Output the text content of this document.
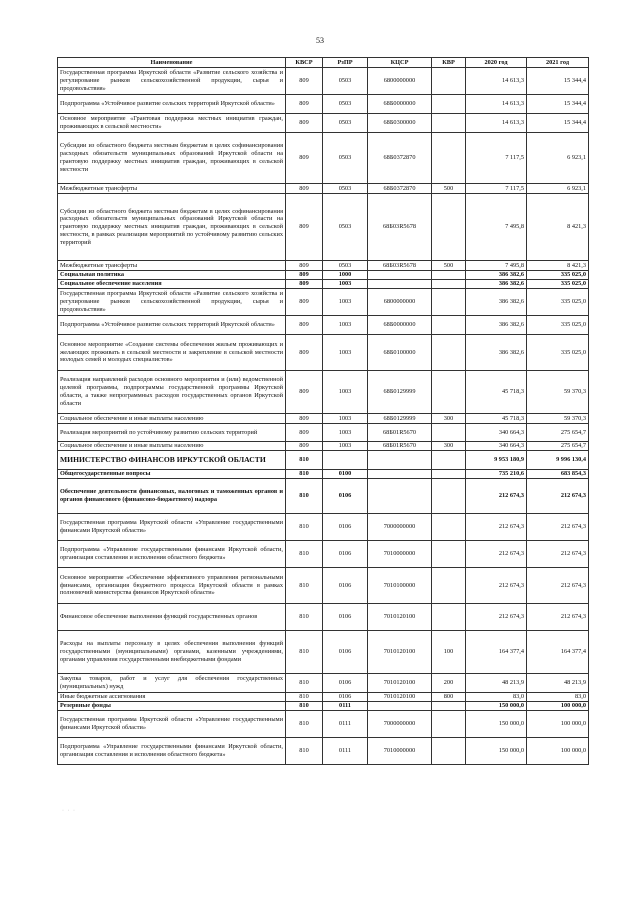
53
Наименование	КВСР	РзПР	КЦСР	КВР	2020 год	2021 год
Государственная программа Иркутской области «Развитие сельского хозяйства и регулирование рынков сельскохозяйственной продукции, сырья и продовольствия»	809	0503	6800000000		14 613,3	15 344,4
Подпрограмма «Устойчивое развитие сельских территорий Иркутской области»	809	0503	68Б0000000		14 613,3	15 344,4
Основное мероприятие «Грантовая поддержка местных инициатив граждан, проживающих в сельской местности»	809	0503	68Б0300000		14 613,3	15 344,4
Субсидии из областного бюджета местным бюджетам в целях софинансирования расходных обязательств муниципальных образований Иркутской области на грантовую поддержку местных инициатив граждан, проживающих в сельской местности	809	0503	68Б0372870		7 117,5	6 923,1
Межбюджетные трансферты	809	0503	68Б0372870	500	7 117,5	6 923,1
Субсидии из областного бюджета местным бюджетам в целях софинансирования расходных обязательств муниципальных образований Иркутской области на грантовую поддержку местных инициатив граждан, проживающих в сельской местности, в рамках реализации мероприятий по устойчивому развитию сельских территорий	809	0503	68Б03R5678		7 495,8	8 421,3
Межбюджетные трансферты	809	0503	68Б03R5678	500	7 495,8	8 421,3
Социальная политика	809	1000			386 382,6	335 025,0
Социальное обеспечение населения	809	1003			386 382,6	335 025,0
Государственная программа Иркутской области «Развитие сельского хозяйства и регулирование рынков сельскохозяйственной продукции, сырья и продовольствия»	809	1003	6800000000		386 382,6	335 025,0
Подпрограмма «Устойчивое развитие сельских территорий Иркутской области»	809	1003	68Б0000000		386 382,6	335 025,0
Основное мероприятие «Создание системы обеспечения жильем проживающих и желающих проживать в сельской местности и закрепление в сельской местности молодых семей и молодых специалистов»	809	1003	68Б0100000		386 382,6	335 025,0
Реализация направлений расходов основного мероприятия и (или) ведомственной целевой программы, подпрограммы государственной программы Иркутской области, а также непрограммных расходов государственных органов Иркутской области	809	1003	68Б0129999		45 718,3	59 370,3
Социальное обеспечение и иные выплаты населению	809	1003	68Б0129999	300	45 718,3	59 370,3
Реализация мероприятий по устойчивому развитию сельских территорий	809	1003	68Б01R5670		340 664,3	275 654,7
Социальное обеспечение и иные выплаты населению	809	1003	68Б01R5670	300	340 664,3	275 654,7
МИНИСТЕРСТВО ФИНАНСОВ ИРКУТСКОЙ ОБЛАСТИ	810				9 953 180,9	9 996 130,4
Общегосударственные вопросы	810	0100			735 210,6	683 854,3
Обеспечение деятельности финансовых, налоговых и таможенных органов и органов финансового (финансово-бюджетного) надзора	810	0106			212 674,3	212 674,3
Государственная программа Иркутской области «Управление государственными финансами Иркутской области»	810	0106	7000000000		212 674,3	212 674,3
Подпрограмма «Управление государственными финансами Иркутской области, организация составления и исполнения областного бюджета»	810	0106	7010000000		212 674,3	212 674,3
Основное мероприятие «Обеспечение эффективного управления региональными финансами, организация бюджетного процесса Иркутской области в рамках полномочий министерства финансов Иркутской области»	810	0106	7010100000		212 674,3	212 674,3
Финансовое обеспечение выполнения функций государственных органов	810	0106	7010120100		212 674,3	212 674,3
Расходы на выплаты персоналу в целях обеспечения выполнения функций государственными (муниципальными) органами, казенными учреждениями, органами управления государственными внебюджетными фондами	810	0106	7010120100	100	164 377,4	164 377,4
Закупка товаров, работ и услуг для обеспечения государственных (муниципальных) нужд	810	0106	7010120100	200	48 213,9	48 213,9
Иные бюджетные ассигнования	810	0106	7010120100	800	83,0	83,0
Резервные фонды	810	0111			150 000,0	100 000,0
Государственная программа Иркутской области «Управление государственными финансами Иркутской области»	810	0111	7000000000		150 000,0	100 000,0
Подпрограмма «Управление государственными финансами Иркутской области, организация составления и исполнения областного бюджета»	810	0111	7010000000		150 000,0	100 000,0
· · ·
